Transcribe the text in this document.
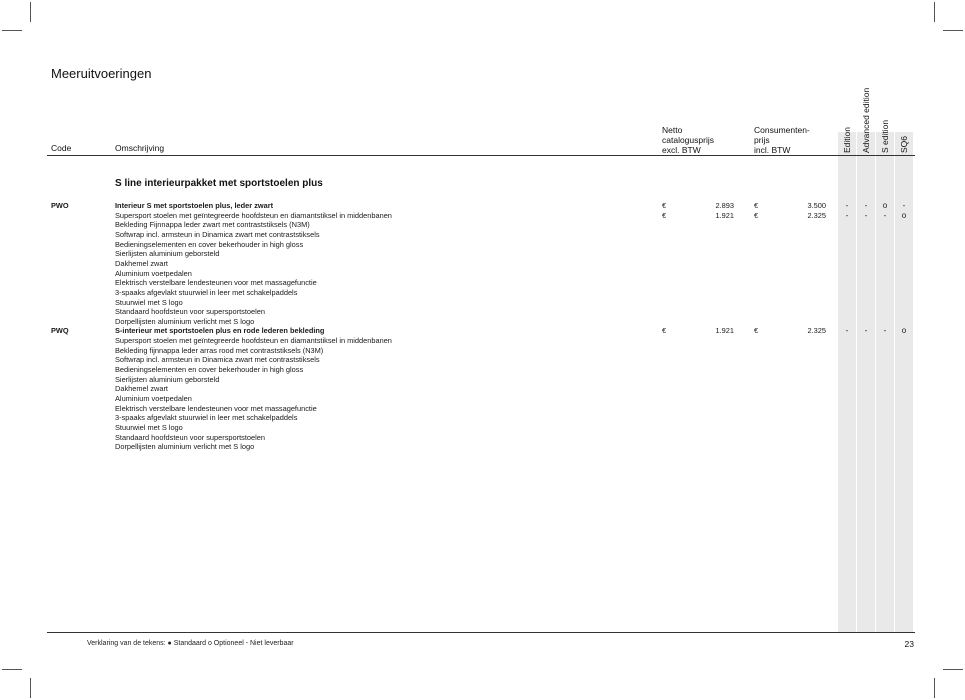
Meeruitvoeringen
Code	Omschrijving
Netto
catalogusprijs
excl. BTW
Consumenten-
prijs
incl. BTW	Edition Advanced edition S edition SQ6
S line interieurpakket met sportstoelen plus
PWO	Interieur S met sportstoelen plus, leder zwart	€	2.893	€	3.500	-	-	o	-
Supersport stoelen met geïntegreerde hoofdsteun en diamantstiksel in middenbanen	€	1.921	€	2.325	-	-	-	o
Bekleding Fijnnappa leder zwart met contraststiksels (N3M)
Softwrap incl. armsteun in Dinamica zwart met contraststiksels
Bedieningselementen en cover bekerhouder in high gloss
Sierlijsten aluminium geborsteld
Dakhemel zwart
Aluminium voetpedalen
Elektrisch verstelbare lendesteunen voor met massagefunctie
3-spaaks afgevlakt stuurwiel in leer met schakelpaddels
Stuurwiel met S logo
Standaard hoofdsteun voor supersportstoelen
Dorpellijsten aluminium verlicht met S logo
PWQ	S-interieur met sportstoelen plus en rode lederen bekleding	€	1.921	€	2.325	-	-	-	o
Supersport stoelen met geïntegreerde hoofdsteun en diamantstiksel in middenbanen
Bekleding fijnnappa leder arras rood met contraststiksels (N3M)
Softwrap incl. armsteun in Dinamica zwart met contraststiksels
Bedieningselementen en cover bekerhouder in high gloss
Sierlijsten aluminium geborsteld
Dakhemel zwart
Aluminium voetpedalen
Elektrisch verstelbare lendesteunen voor met massagefunctie
3-spaaks afgevlakt stuurwiel in leer met schakelpaddels
Stuurwiel met S logo
Standaard hoofdsteun voor supersportstoelen
Dorpellijsten aluminium verlicht met S logo
Verklaring van de tekens: ● Standaard o Optioneel - Niet leverbaar	23
